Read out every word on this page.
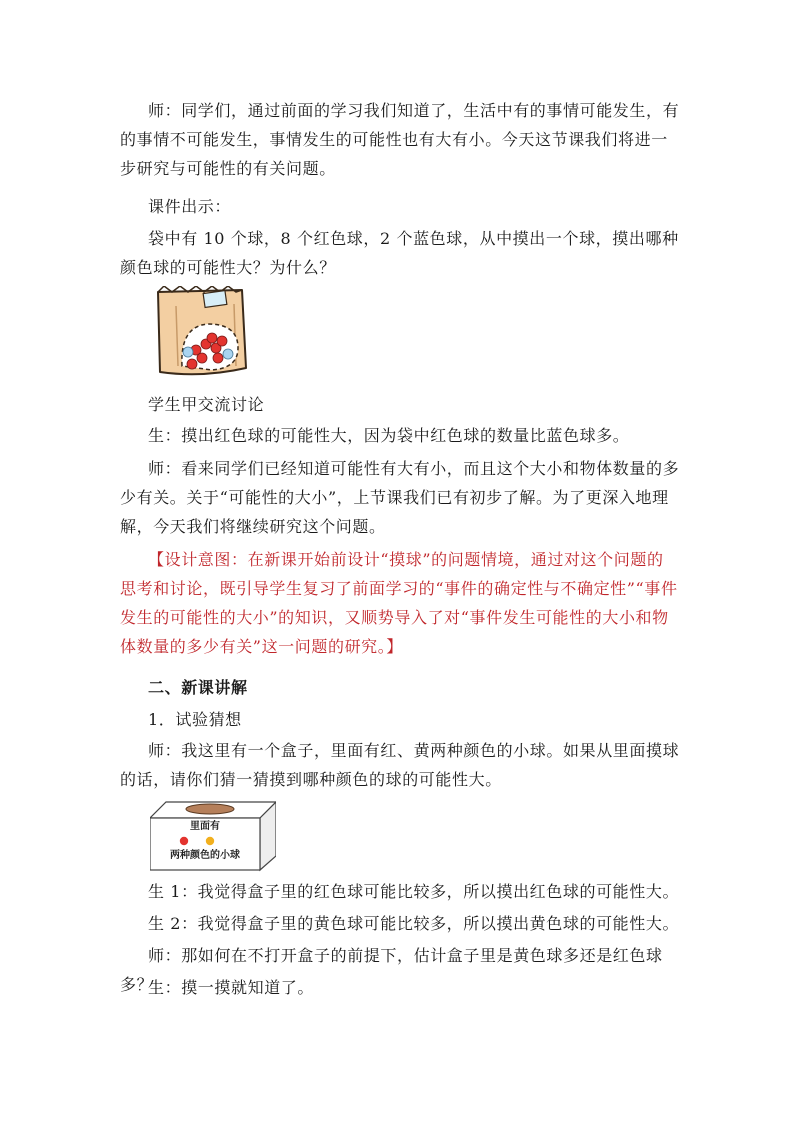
师：同学们，通过前面的学习我们知道了，生活中有的事情可能发生，有的事情不可能发生，事情发生的可能性也有大有小。今天这节课我们将进一步研究与可能性的有关问题。

课件出示：

袋中有 10 个球，8 个红色球，2 个蓝色球，从中摸出一个球，摸出哪种颜色球的可能性大？为什么？

学生甲交流讨论

生：摸出红色球的可能性大，因为袋中红色球的数量比蓝色球多。

师：看来同学们已经知道可能性有大有小，而且这个大小和物体数量的多少有关。关于“可能性的大小”，上节课我们已有初步了解。为了更深入地理解，今天我们将继续研究这个问题。

【设计意图：在新课开始前设计“摸球”的问题情境，通过对这个问题的思考和讨论，既引导学生复习了前面学习的“事件的确定性与不确定性”“事件发生的可能性的大小”的知识，又顺势导入了对“事件发生可能性的大小和物体数量的多少有关”这一问题的研究。】

二、新课讲解

1．试验猜想

师：我这里有一个盒子，里面有红、黄两种颜色的小球。如果从里面摸球的话，请你们猜一猜摸到哪种颜色的球的可能性大。

里面有
两种颜色的小球

生 1：我觉得盒子里的红色球可能比较多，所以摸出红色球的可能性大。

生 2：我觉得盒子里的黄色球可能比较多，所以摸出黄色球的可能性大。

师：那如何在不打开盒子的前提下，估计盒子里是黄色球多还是红色球多？

生：摸一摸就知道了。
